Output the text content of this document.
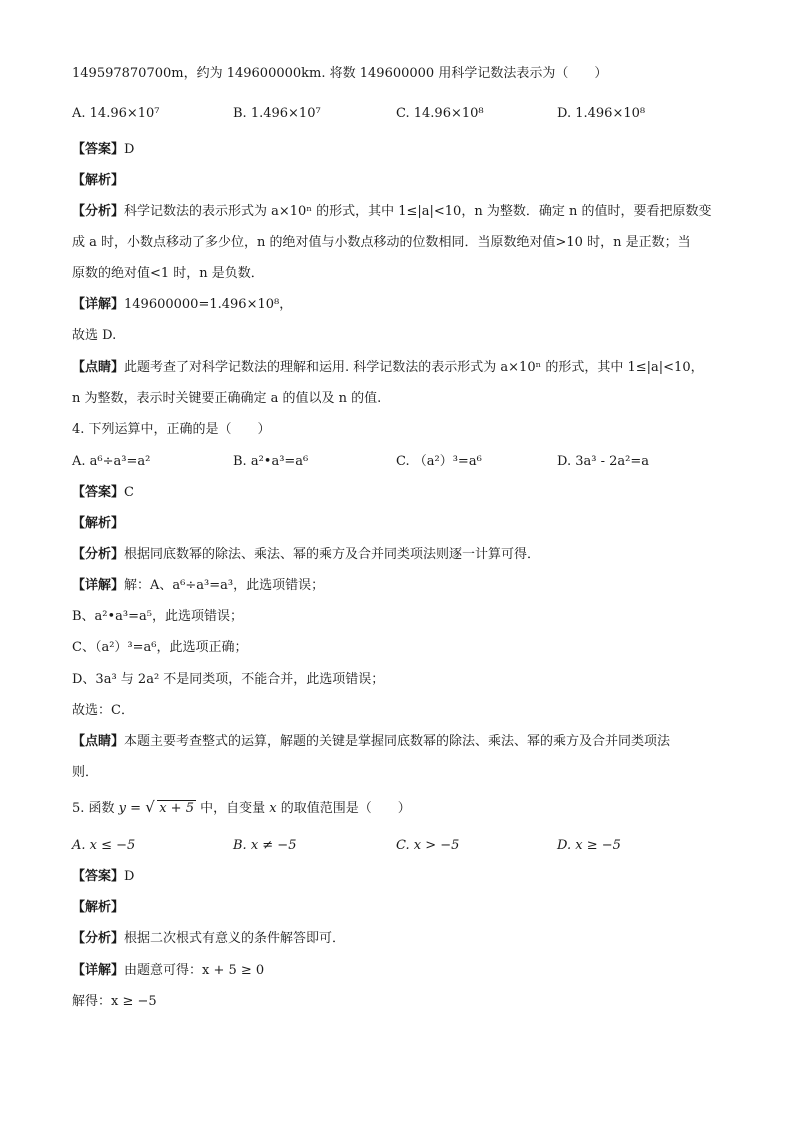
149597870700m，约为 149600000km. 将数 149600000 用科学记数法表示为（　　）
A. 14.96×10⁷	B. 1.496×10⁷	C. 14.96×10⁸	D. 1.496×10⁸
【答案】D
【解析】
【分析】科学记数法的表示形式为 a×10ⁿ 的形式，其中 1≤|a|<10，n 为整数．确定 n 的值时，要看把原数变
成 a 时，小数点移动了多少位，n 的绝对值与小数点移动的位数相同．当原数绝对值>10 时，n 是正数；当
原数的绝对值<1 时，n 是负数．
【详解】149600000=1.496×10⁸，
故选 D.
【点睛】此题考查了对科学记数法的理解和运用. 科学记数法的表示形式为 a×10ⁿ 的形式，其中 1≤|a|<10，
n 为整数，表示时关键要正确确定 a 的值以及 n 的值.
4. 下列运算中，正确的是（　　）
A. a⁶÷a³=a²	B. a²•a³=a⁶	C. （a²）³=a⁶	D. 3a³ - 2a²=a
【答案】C
【解析】
【分析】根据同底数幂的除法、乘法、幂的乘方及合并同类项法则逐一计算可得．
【详解】解：A、a⁶÷a³=a³，此选项错误；
B、a²•a³=a⁵，此选项错误；
C、（a²）³=a⁶，此选项正确；
D、3a³ 与 2a² 不是同类项，不能合并，此选项错误；
故选：C．
【点睛】本题主要考查整式的运算，解题的关键是掌握同底数幂的除法、乘法、幂的乘方及合并同类项法
则．
5. 函数 y = √ x + 5 中，自变量 x 的取值范围是（　　）
A. x ≤ −5	B. x ≠ −5	C. x > −5	D. x ≥ −5
【答案】D
【解析】
【分析】根据二次根式有意义的条件解答即可．
【详解】由题意可得：x + 5 ≥ 0
解得：x ≥ −5
